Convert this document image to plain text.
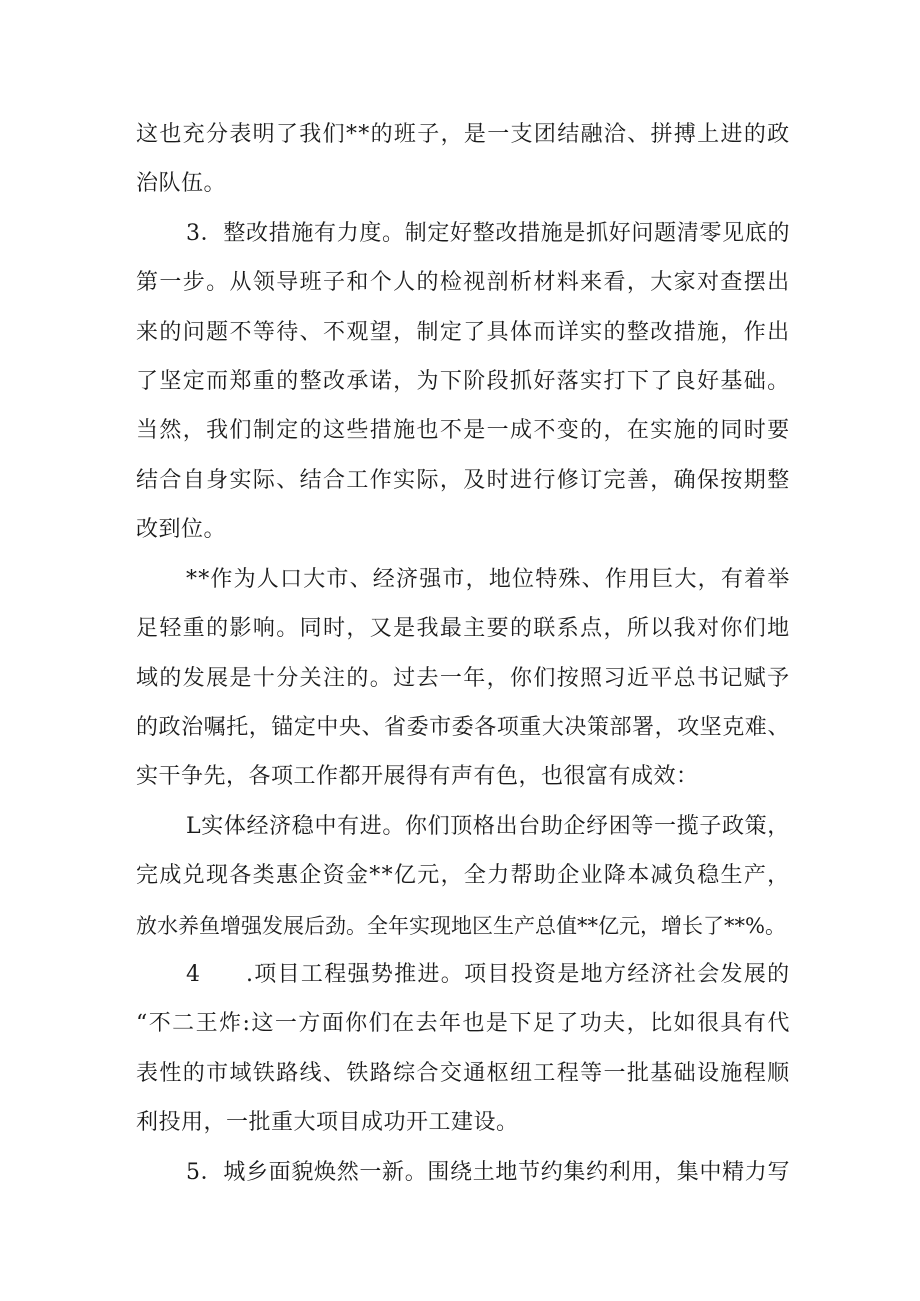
这 也 充 分 表 明 了 我 们 * * 的 班 子 ， 是 一 支 团 结 融 洽 、 拼 搏 上 进 的 政
治队伍。
3 ． 整 改 措 施 有 力 度 。 制 定 好 整 改 措 施 是 抓 好 问 题 清 零 见 底 的
第 一 步 。 从 领 导 班 子 和 个 人 的 检 视 剖 析 材 料 来 看 ， 大 家 对 查 摆 出
来 的 问 题 不 等 待 、 不 观 望 ， 制 定 了 具 体 而 详 实 的 整 改 措 施 ， 作 出
了 坚 定 而 郑 重 的 整 改 承 诺 ， 为 下 阶 段 抓 好 落 实 打 下 了 良 好 基 础 。
当 然 ， 我 们 制 定 的 这 些 措 施 也 不 是 一 成 不 变 的 ， 在 实 施 的 同 时 要
结 合 自 身 实 际 、 结 合 工 作 实 际 ， 及 时 进 行 修 订 完 善 ， 确 保 按 期 整
改到位。
* * 作 为 人 口 大 市 、 经 济 强 市 ， 地 位 特 殊 、 作 用 巨 大 ， 有 着 举
足 轻 重 的 影 响 。 同 时 ， 又 是 我 最 主 要 的 联 系 点 ， 所 以 我 对 你 们 地
域 的 发 展 是 十 分 关 注 的 。 过 去 一 年 ， 你 们 按 照 习 近 平 总 书 记 赋 予
的 政 治 嘱 托 ， 锚 定 中 央 、 省 委 市 委 各 项 重 大 决 策 部 署 ， 攻 坚 克 难 、
实干争先，各项工作都开展得有声有色，也很富有成效：
L 实 体 经 济 稳 中 有 进 。 你 们 顶 格 出 台 助 企 纾 困 等 一 揽 子 政 策 ，
完 成 兑 现 各 类 惠 企 资 金 * * 亿 元 ， 全 力 帮 助 企 业 降 本 减 负 稳 生 产 ，
放水养鱼增强发展后劲。全年实现地区生产总值**亿元，增长了**%。
4 . 项 目 工 程 强 势 推 进 。 项 目 投 资 是 地 方 经 济 社 会 发 展 的
“ 不 二 王 炸 : 这 一 方 面 你 们 在 去 年 也 是 下 足 了 功 夫 ， 比 如 很 具 有 代
表 性 的 市 域 铁 路 线 、 铁 路 综 合 交 通 枢 纽 工 程 等 一 批 基 础 设 施 程 顺
利投用，一批重大项目成功开工建设。
5 ． 城 乡 面 貌 焕 然 一 新 。 围 绕 土 地 节 约 集 约 利 用 ， 集 中 精 力 写
